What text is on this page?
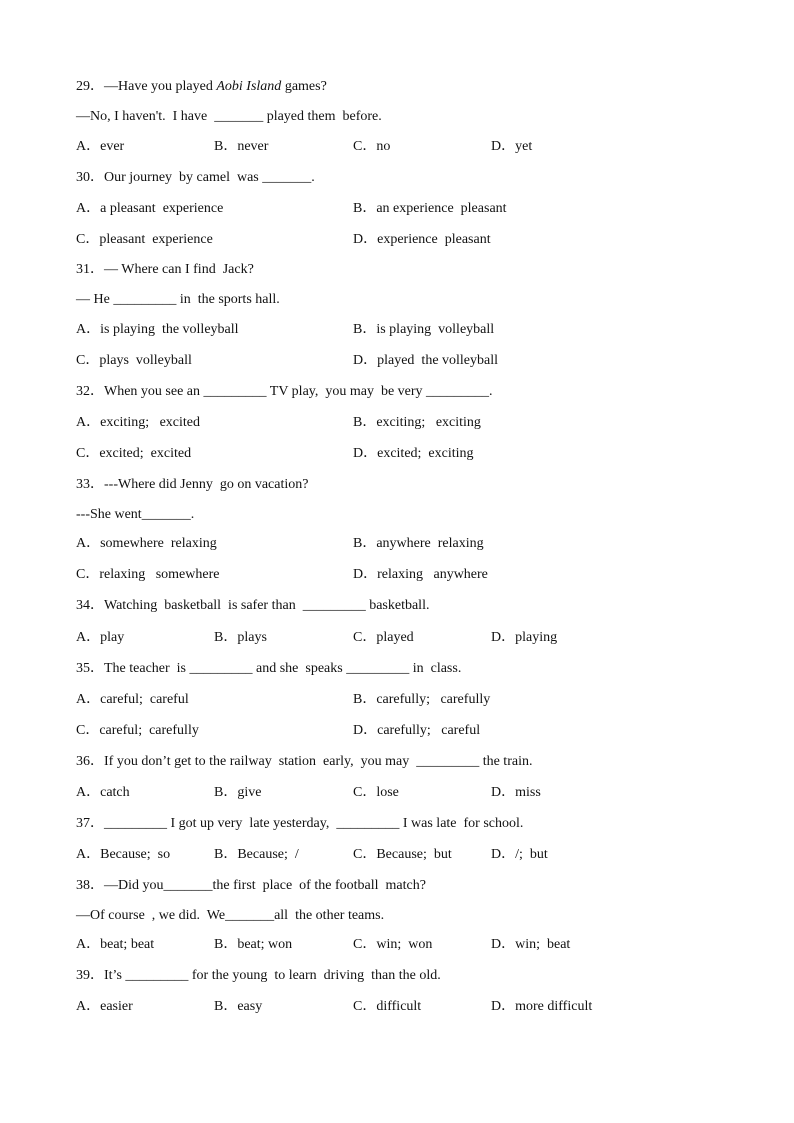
29．—Have you played Aobi Island games?
—No, I haven't.  I have  _______ played them  before.
A．ever	B．never	C．no	D．yet
30．Our journey  by camel  was _______.
A．a pleasant  experience	B．an experience  pleasant
C．pleasant  experience	D．experience  pleasant
31．— Where can I find  Jack?
— He _________ in  the sports hall.
A．is playing  the volleyball	B．is playing  volleyball
C．plays  volleyball	D．played  the volleyball
32．When you see an _________ TV play,  you may  be very _________.
A．exciting;   excited	B．exciting;   exciting
C．excited;  excited	D．excited;  exciting
33．---Where did Jenny  go on vacation?
---She went_______.
A．somewhere  relaxing	B．anywhere  relaxing
C．relaxing   somewhere	D．relaxing   anywhere
34．Watching  basketball  is safer than  _________ basketball.
A．play	B．plays	C．played	D．playing
35．The teacher  is _________ and she  speaks _________ in  class.
A．careful;  careful	B．carefully;   carefully
C．careful;  carefully	D．carefully;   careful
36．If you don’t get to the railway  station  early,  you may  _________ the train.
A．catch	B．give	C．lose	D．miss
37．_________ I got up very  late yesterday,  _________ I was late  for school.
A．Because;  so	B．Because;  /	C．Because;  but	D．/;  but
38．—Did you_______the first  place  of the football  match?
—Of course  , we did.  We_______all  the other teams.
A．beat; beat	B．beat; won	C．win;  won	D．win;  beat
39．It’s _________ for the young  to learn  driving  than the old.
A．easier	B．easy	C．difficult	D．more difficult
